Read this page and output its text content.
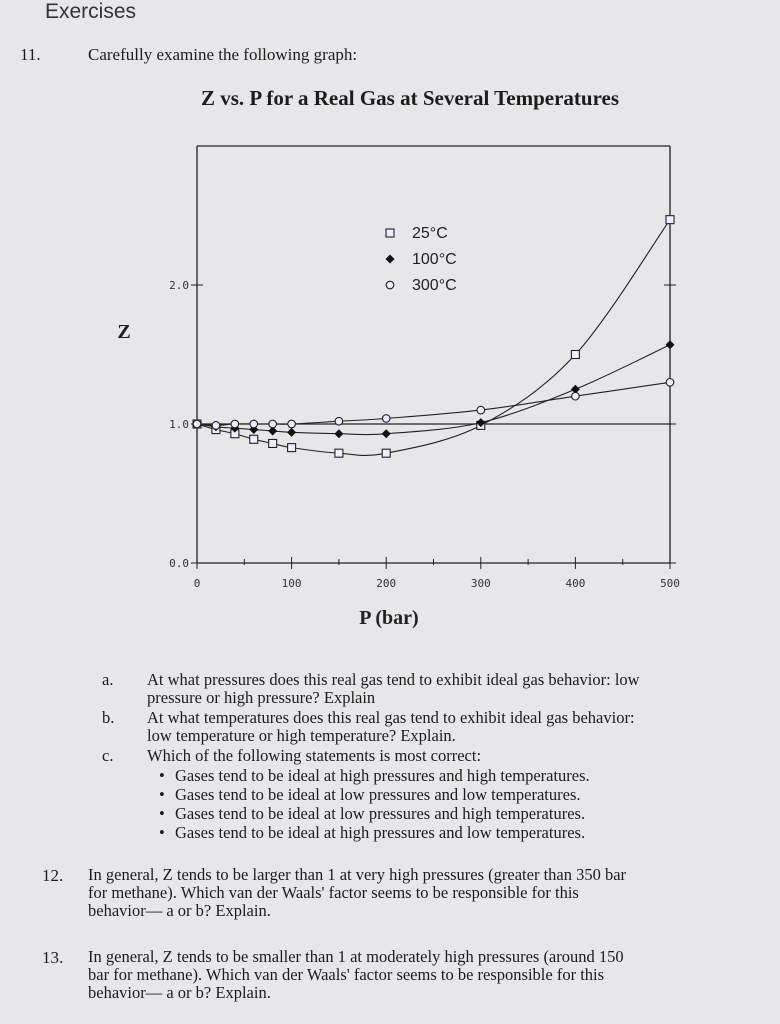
Exercises
11.	Carefully examine the following graph:
Z vs. P for a Real Gas at Several Temperatures
0	100	200	300	400	500
0.0
1.0
2.0
P (bar)
Z
25°C
100°C
300°C
a. At what pressures does this real gas tend to exhibit ideal gas behavior: low
pressure or high pressure? Explain
b. At what temperatures does this real gas tend to exhibit ideal gas behavior:
low temperature or high temperature? Explain.
c. Which of the following statements is most correct:
• Gases tend to be ideal at high pressures and high temperatures.
• Gases tend to be ideal at low pressures and low temperatures.
• Gases tend to be ideal at low pressures and high temperatures.
• Gases tend to be ideal at high pressures and low temperatures.
12. In general, Z tends to be larger than 1 at very high pressures (greater than 350 bar
for methane). Which van der Waals' factor seems to be responsible for this
behavior— a or b? Explain.
13. In general, Z tends to be smaller than 1 at moderately high pressures (around 150
bar for methane). Which van der Waals' factor seems to be responsible for this
behavior— a or b? Explain.
